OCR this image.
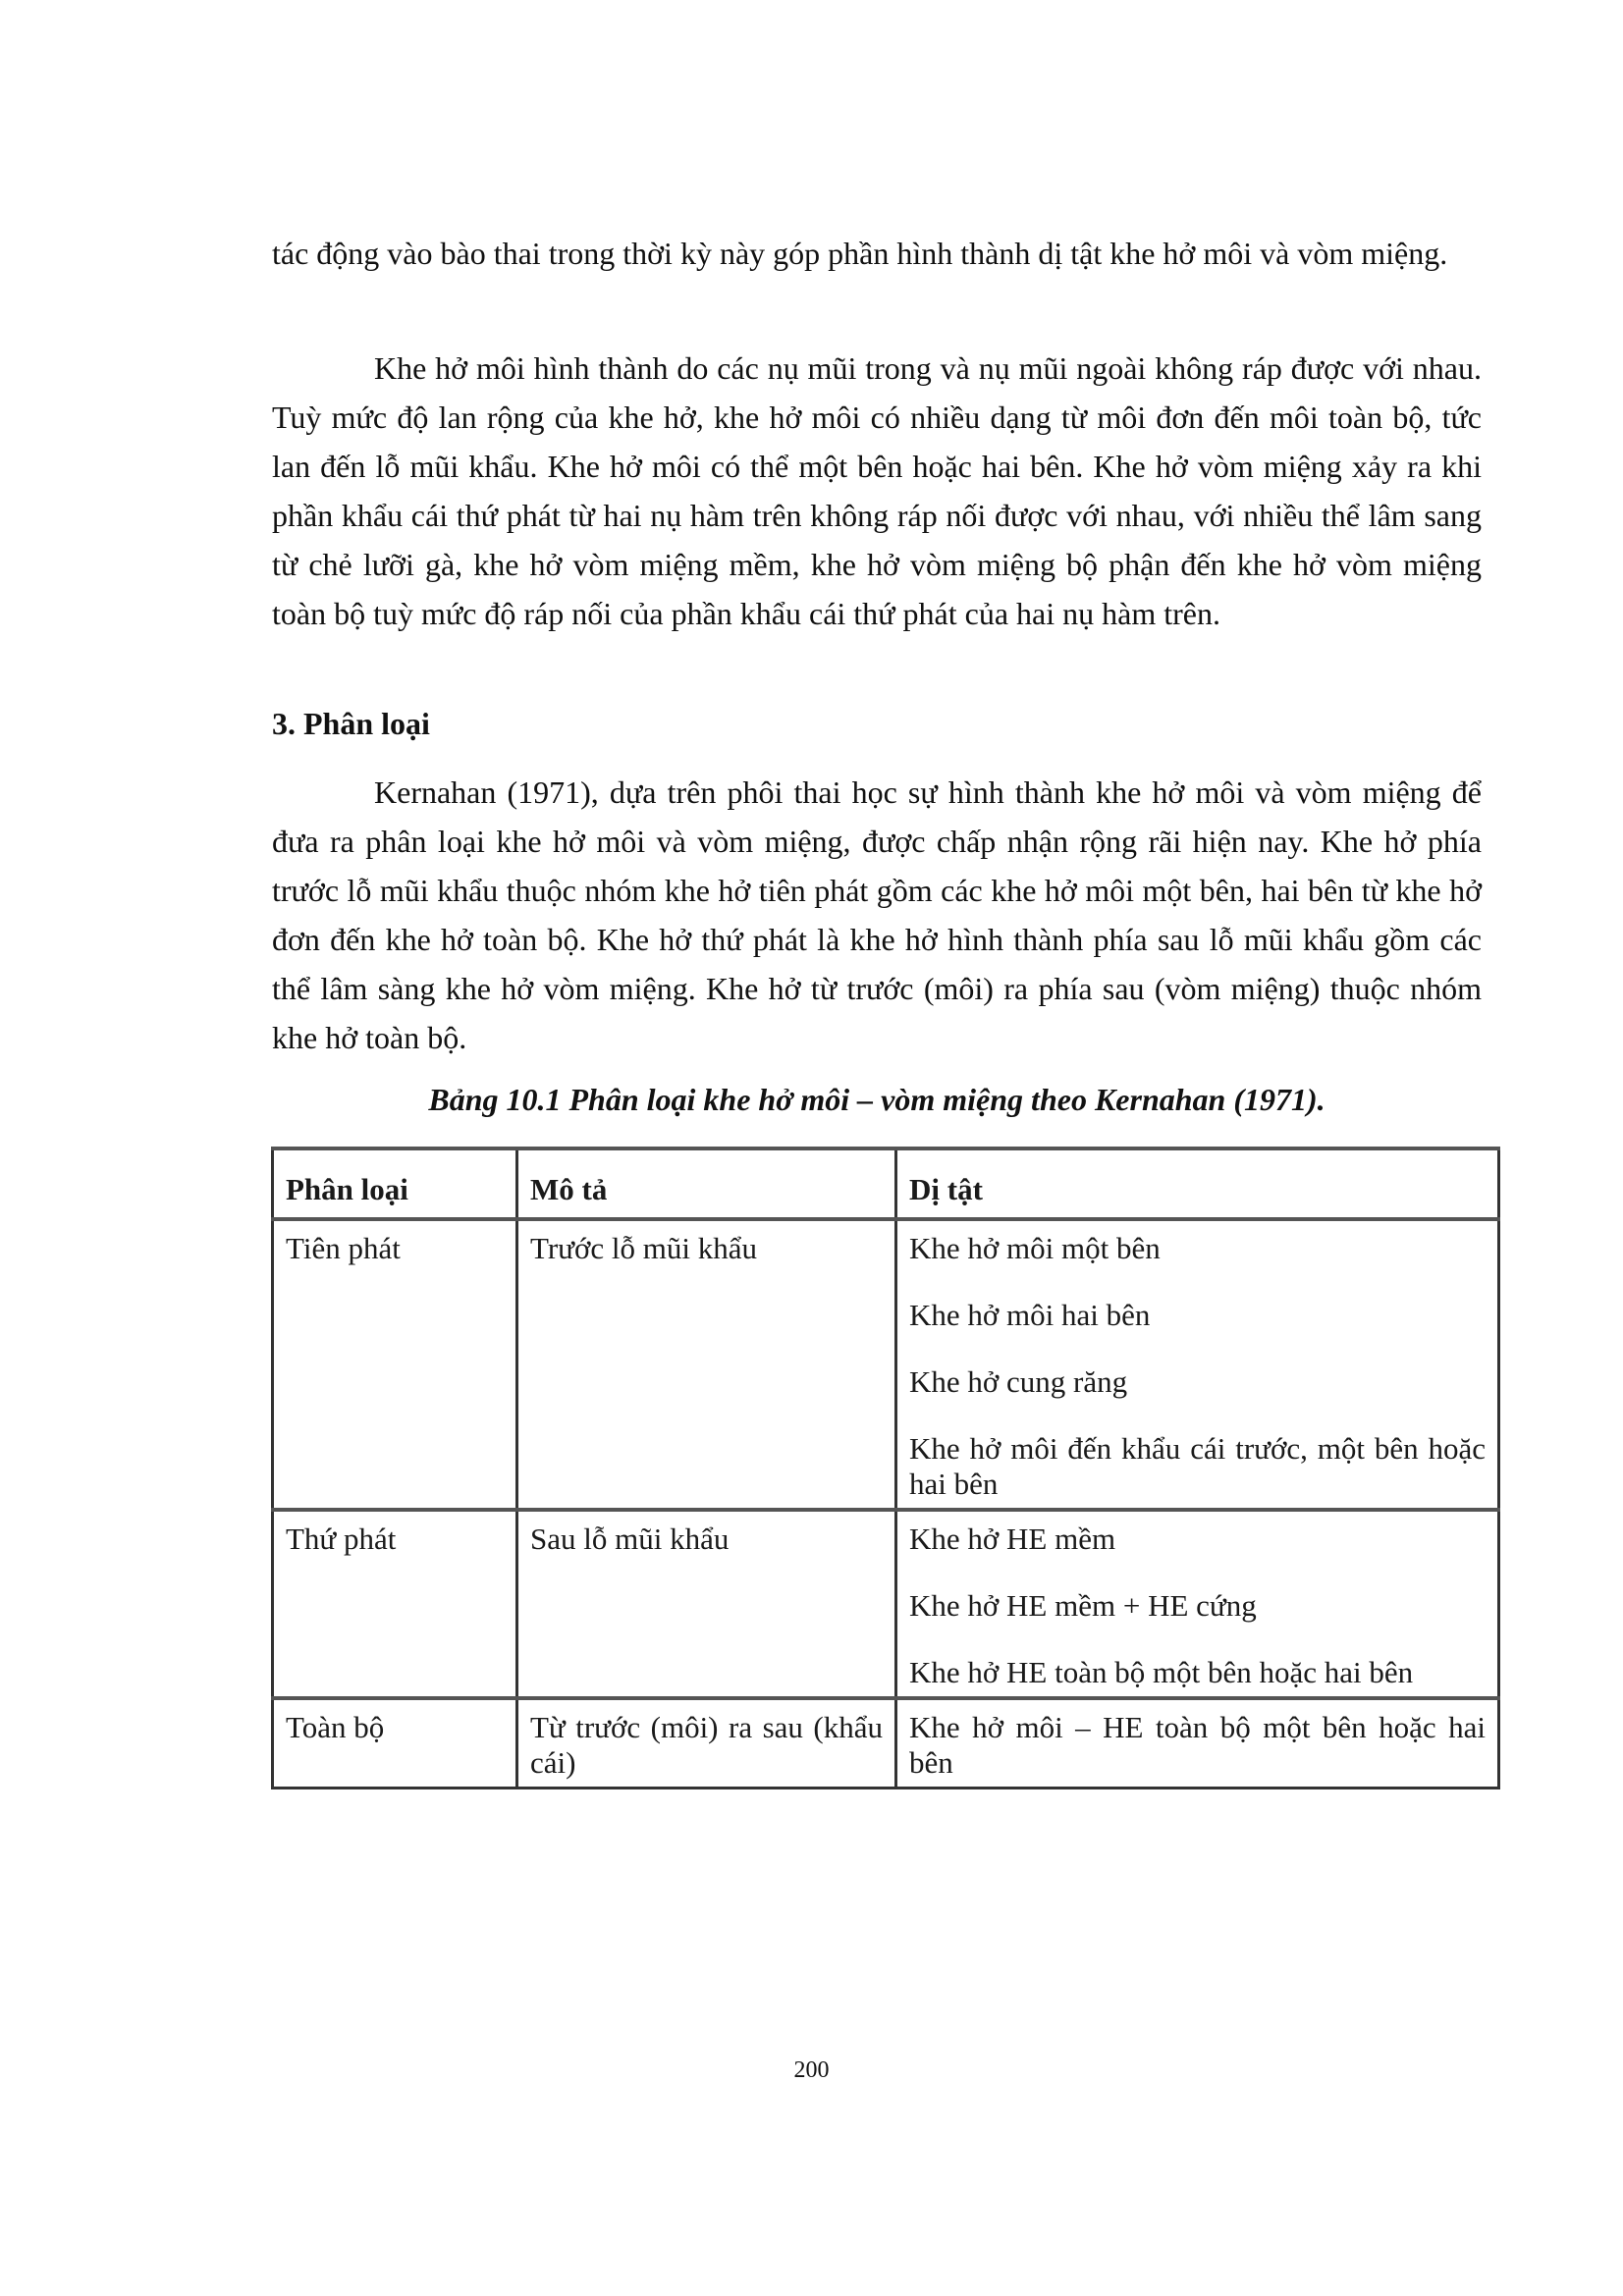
tác động vào bào thai trong thời kỳ này góp phần hình thành dị tật khe hở môi và vòm miệng.

Khe hở môi hình thành do các nụ mũi trong và nụ mũi ngoài không ráp được với nhau. Tuỳ mức độ lan rộng của khe hở, khe hở môi có nhiều dạng từ môi đơn đến môi toàn bộ, tức lan đến lỗ mũi khẩu. Khe hở môi có thể một bên hoặc hai bên. Khe hở vòm miệng xảy ra khi phần khẩu cái thứ phát từ hai nụ hàm trên không ráp nối được với nhau, với nhiều thể lâm sang từ chẻ lưỡi gà, khe hở vòm miệng mềm, khe hở vòm miệng bộ phận đến khe hở vòm miệng toàn bộ tuỳ mức độ ráp nối của phần khẩu cái thứ phát của hai nụ hàm trên.

3. Phân loại

Kernahan (1971), dựa trên phôi thai học sự hình thành khe hở môi và vòm miệng để đưa ra phân loại khe hở môi và vòm miệng, được chấp nhận rộng rãi hiện nay. Khe hở phía trước lỗ mũi khẩu thuộc nhóm khe hở tiên phát gồm các khe hở môi một bên, hai bên từ khe hở đơn đến khe hở toàn bộ. Khe hở thứ phát là khe hở hình thành phía sau lỗ mũi khẩu gồm các thể lâm sàng khe hở vòm miệng. Khe hở từ trước (môi) ra phía sau (vòm miệng) thuộc nhóm khe hở toàn bộ.

Bảng 10.1 Phân loại khe hở môi – vòm miệng theo Kernahan (1971).
Phân loại	Mô tả	Dị tật
Tiên phát	Trước lỗ mũi khẩu	Khe hở môi một bên
Khe hở môi hai bên
Khe hở cung răng
Khe hở môi đến khẩu cái trước, một bên hoặc hai bên

Thứ phát	Sau lỗ mũi khẩu	Khe hở HE mềm
Khe hở HE mềm + HE cứng
Khe hở HE toàn bộ một bên hoặc hai bên

Toàn bộ	Từ trước (môi) ra sau (khẩu cái)	Khe hở môi – HE toàn bộ một bên hoặc hai bên
200
